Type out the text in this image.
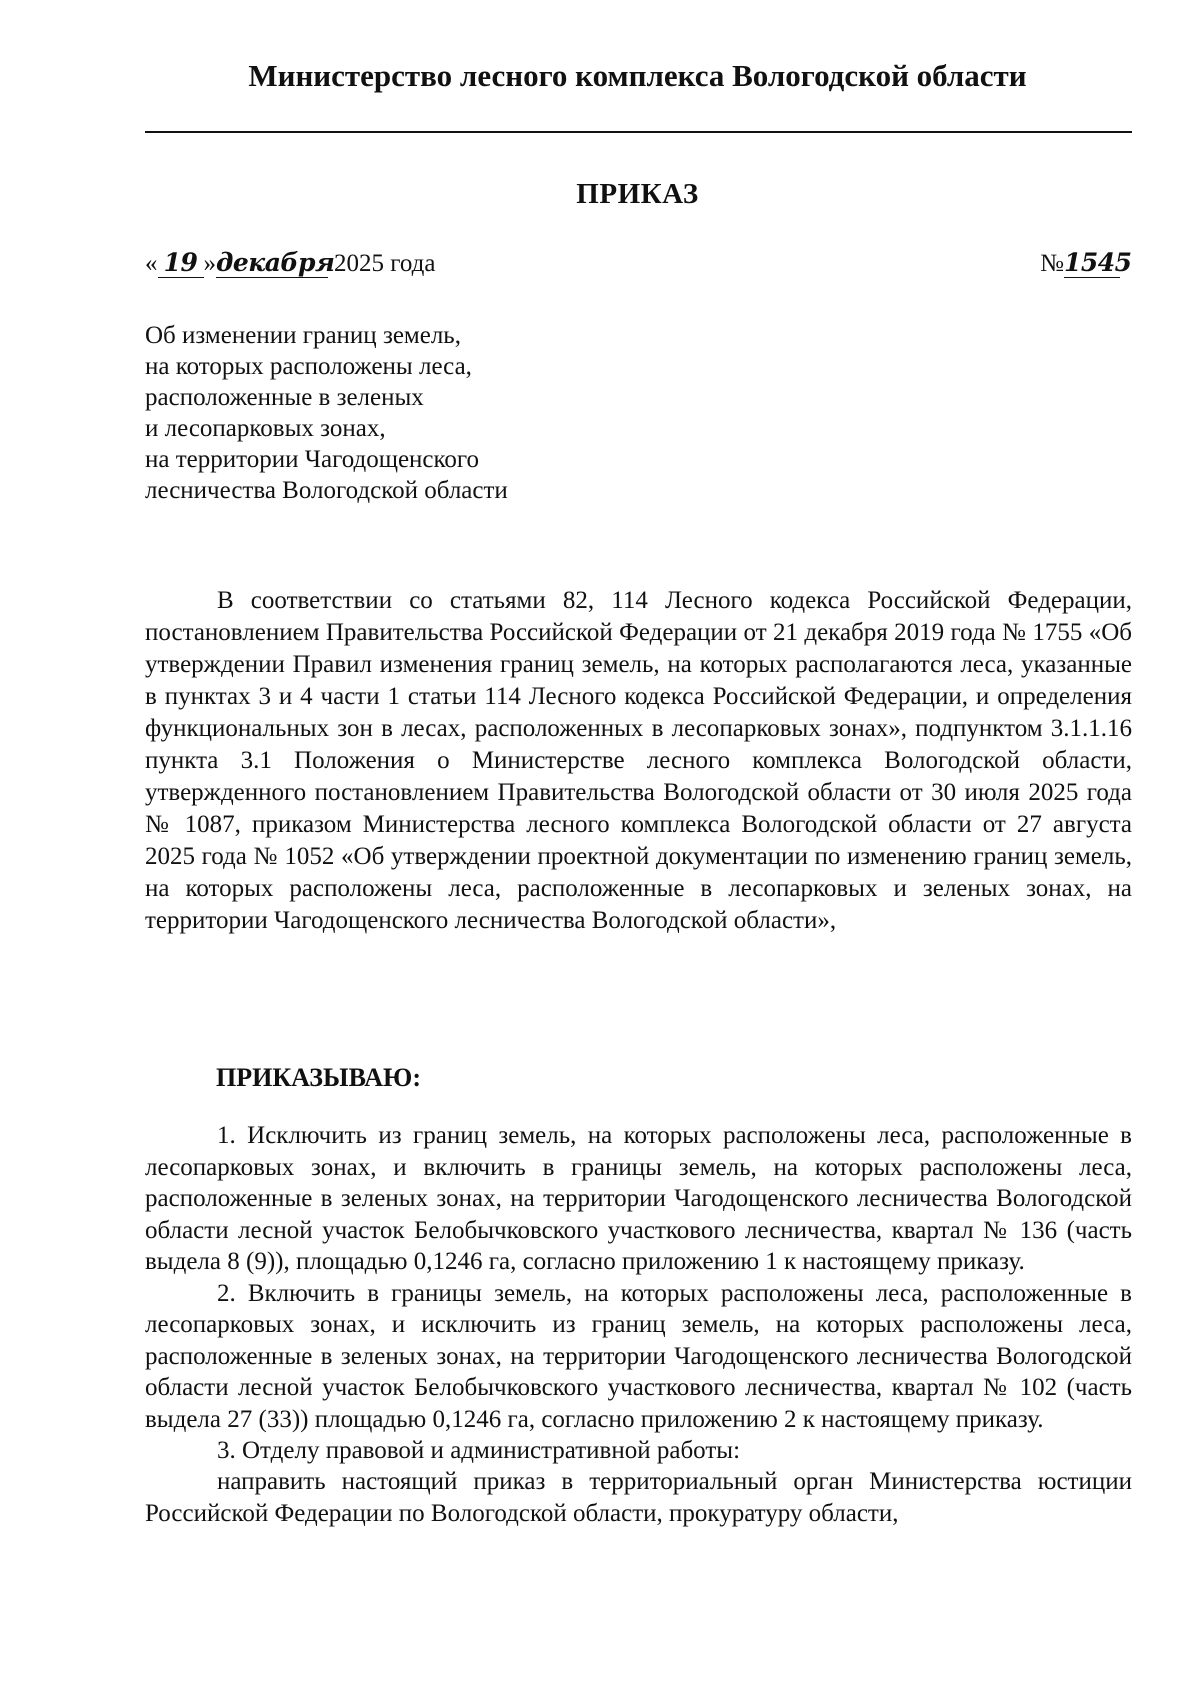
Министерство лесного комплекса Вологодской области
ПРИКАЗ
« 19 » декабря 2025 года	№ 1545
Об изменении границ земель,
на которых расположены леса,
расположенные в зеленых
и лесопарковых зонах,
на территории Чагодощенского
лесничества Вологодской области

В соответствии со статьями 82, 114 Лесного кодекса Российской Федерации, постановлением Правительства Российской Федерации от 21 декабря 2019 года № 1755 «Об утверждении Правил изменения границ земель, на которых располагаются леса, указанные в пунктах 3 и 4 части 1 статьи 114 Лесного кодекса Российской Федерации, и определения функциональных зон в лесах, расположенных в лесопарковых зонах», подпунктом 3.1.1.16 пункта 3.1 Положения о Министерстве лесного комплекса Вологодской области, утвержденного постановлением Правительства Вологодской области от 30 июля 2025 года № 1087, приказом Министерства лесного комплекса Вологодской области от 27 августа 2025 года № 1052 «Об утверждении проектной документации по изменению границ земель, на которых расположены леса, расположенные в лесопарковых и зеленых зонах, на территории Чагодощенского лесничества Вологодской области»,

ПРИКАЗЫВАЮ:

1. Исключить из границ земель, на которых расположены леса, расположенные в лесопарковых зонах, и включить в границы земель, на которых расположены леса, расположенные в зеленых зонах, на территории Чагодощенского лесничества Вологодской области лесной участок Белобычковского участкового лесничества, квартал № 136 (часть выдела 8 (9)), площадью 0,1246 га, согласно приложению 1 к настоящему приказу.

2. Включить в границы земель, на которых расположены леса, расположенные в лесопарковых зонах, и исключить из границ земель, на которых расположены леса, расположенные в зеленых зонах, на территории Чагодощенского лесничества Вологодской области лесной участок Белобычковского участкового лесничества, квартал № 102 (часть выдела 27 (33)) площадью 0,1246 га, согласно приложению 2 к настоящему приказу.

3. Отделу правовой и административной работы:

направить настоящий приказ в территориальный орган Министерства юстиции Российской Федерации по Вологодской области, прокуратуру области,
